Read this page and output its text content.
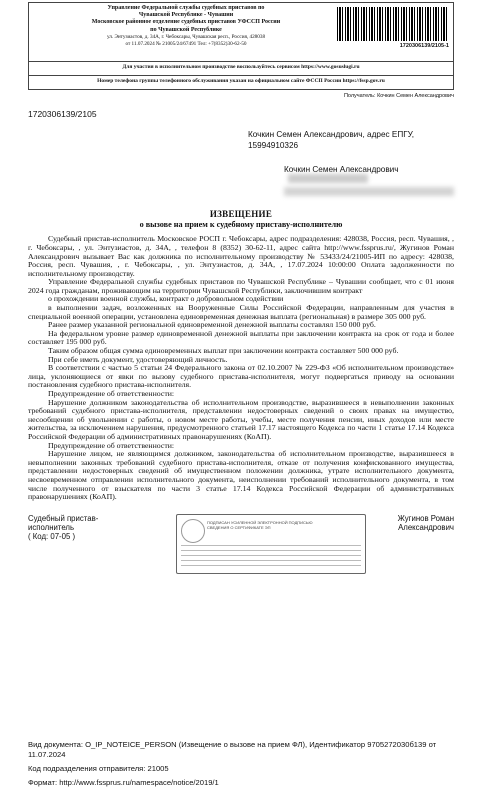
Управление Федеральной службы судебных приставов по
Чувашской Республике - Чувашии
Московское районное отделение судебных приставов УФССП России
по Чувашской Республике
ул. Энтузиастов, д. 34А, г. Чебоксары, Чувашская респ., Россия, 428038
от 11.07.2024 № 21005/24/67491 Тел: +7(8352)30-62-50	1720306139/2105-1
Для участия в исполнительном производстве воспользуйтесь сервисом https://www.gosuslugi.ru
Номер телефона группы телефонного обслуживания указан на официальном сайте ФССП России https://fssp.gov.ru
Получатель: Кочкин Семен Александрович
1720306139/2105
Кочкин Семен Александрович, адрес ЕПГУ,
15994910326
Кочкин Семен Александрович
ИЗВЕЩЕНИЕ
о вызове на прием к судебному приставу-исполнителю

Судебный пристав-исполнитель Московское РОСП г. Чебоксары, адрес подразделения: 428038, Россия, респ. Чувашия, , г. Чебоксары, , ул. Энтузиастов, д. 34А, , телефон 8 (8352) 30-62-11, адрес сайта http://www.fssprus.ru/, Жугинов Роман Александрович вызывает Вас как должника по исполнительному производству № 53433/24/21005-ИП по адресу: 428038, Россия, респ. Чувашия, , г. Чебоксары, , ул. Энтузиастов, д. 34А, , 17.07.2024 10:00:00 Оплата задолженности по исполнительному производству.

Управление Федеральной службы судебных приставов по Чувашской Республике – Чувашии сообщает, что с 01 июня 2024 года гражданам, проживающим на территории Чувашской Республики, заключившим контракт

о прохождении военной службы, контракт о добровольном содействии

в выполнении задач, возложенных на Вооруженные Силы Российской Федерации, направленным для участия в специальной военной операции, установлена единовременная денежная выплата (региональная) в размере 305 000 руб.

Ранее размер указанной региональной единовременной денежной выплаты составлял 150 000 руб.

На федеральном уровне размер единовременной денежной выплаты при заключении контракта на срок от года и более составляет 195 000 руб.

Таким образом общая сумма единовременных выплат при заключении контракта составляет 500 000 руб.

При себе иметь документ, удостоверяющий личность.

В соответствии с частью 5 статьи 24 Федерального закона от 02.10.2007 № 229-ФЗ «Об исполнительном производстве» лица, уклоняющиеся от явки по вызову судебного пристава-исполнителя, могут подвергаться приводу на основании постановления судебного пристава-исполнителя.

Предупреждение об ответственности:

Нарушение должником законодательства об исполнительном производстве, выразившееся в невыполнении законных требований судебного пристава-исполнителя, представлении недостоверных сведений о своих правах на имущество, несообщении об увольнении с работы, о новом месте работы, учебы, месте получения пенсии, иных доходов или месте жительства, за исключением нарушения, предусмотренного статьей 17.17 настоящего Кодекса по части 1 статье 17.14 Кодекса Российской Федерации об административных правонарушениях (КоАП).

Предупреждение об ответственности:

Нарушение лицом, не являющимся должником, законодательства об исполнительном производстве, выразившееся в невыполнении законных требований судебного пристава-исполнителя, отказе от получения конфискованного имущества, представлении недостоверных сведений об имущественном положении должника, утрате исполнительного документа, несвоевременном отправлении исполнительного документа, неисполнении требований исполнительного документа, в том числе полученного от взыскателя по части 3 статье 17.14 Кодекса Российской Федерации об административных правонарушениях (КоАП).

Судебный пристав-
исполнитель
( Код: 07-05 )
ПОДПИСАН УСИЛЕННОЙ ЭЛЕКТРОННОЙ ПОДПИСЬЮ
СВЕДЕНИЯ О СЕРТИФИКАТЕ ЭП
Жугинов Роман
Александрович
Вид документа: O_IP_NOTEICE_PERSON (Извещение о вызове на прием ФЛ), Идентификатор 9705272030б139 от 11.07.2024
Код подразделения отправителя: 21005
Формат: http://www.fssprus.ru/namespace/notice/2019/1
